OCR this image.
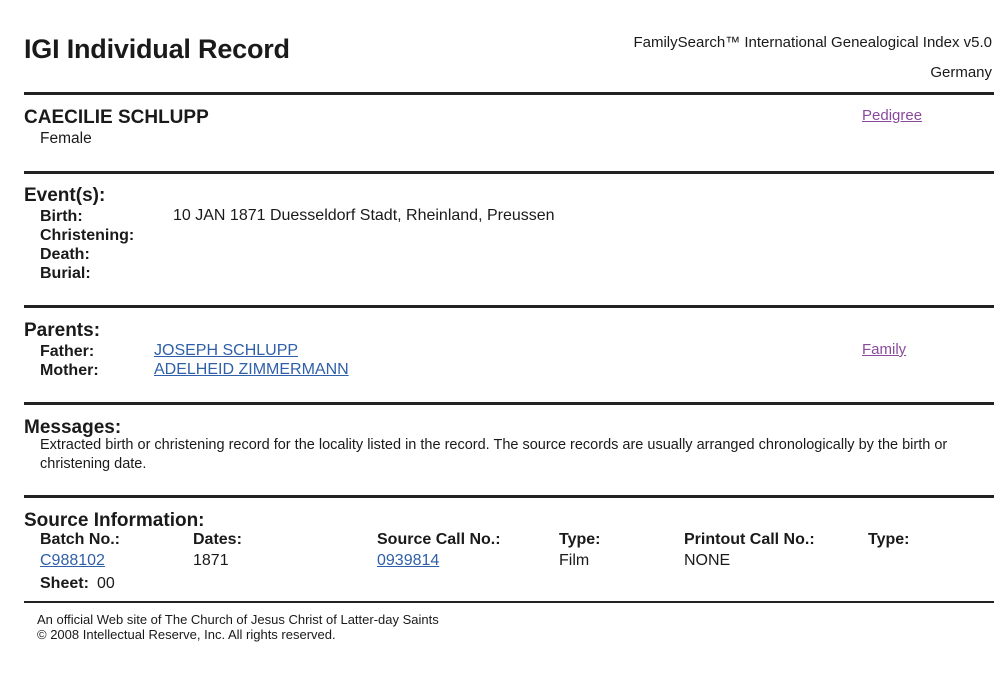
IGI Individual Record	FamilySearch™ International Genealogical Index v5.0
Germany
CAECILIE SCHLUPP
Female
Pedigree
Event(s):
Birth:	10 JAN 1871 Duesseldorf Stadt, Rheinland, Preussen
Christening:
Death:
Burial:
Parents:
Father:	JOSEPH SCHLUPP
Mother:	ADELHEID ZIMMERMANN
Family
Messages:
Extracted birth or christening record for the locality listed in the record. The source records are usually arranged chronologically by the birth or christening date.
Source Information:
Batch No.:
C988102
Dates:
1871
Source Call No.:
0939814
Type:
Film
Printout Call No.:
NONE
Type:
Sheet: 00
An official Web site of The Church of Jesus Christ of Latter-day Saints
© 2008 Intellectual Reserve, Inc. All rights reserved.
